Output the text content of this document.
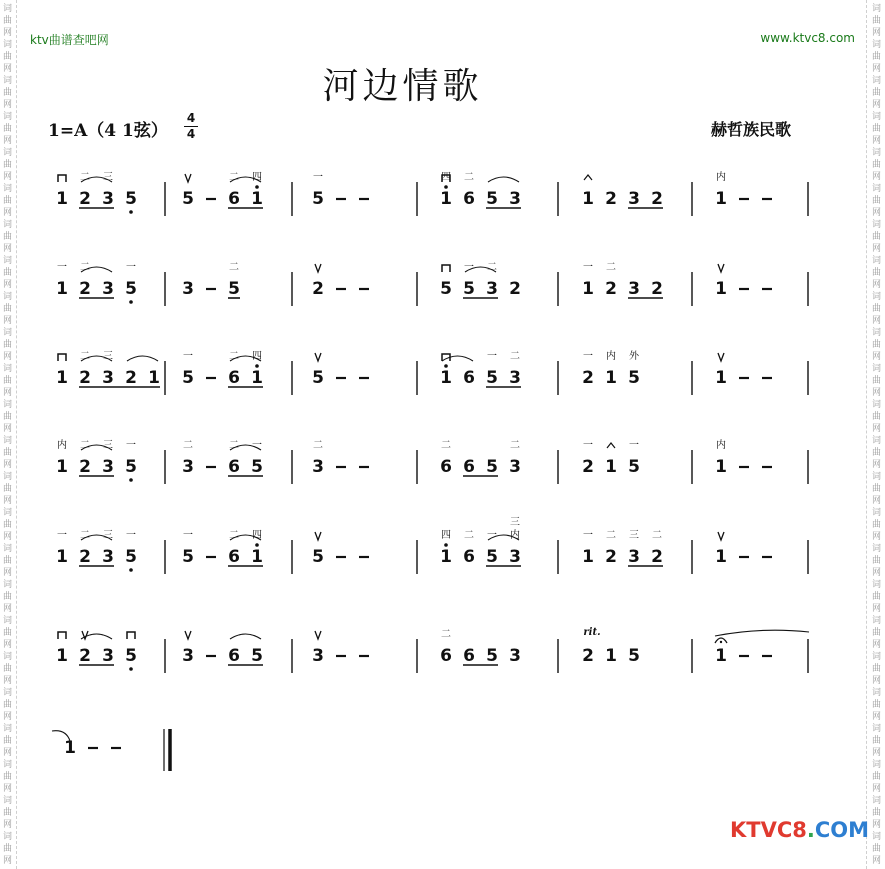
词
曲
网
词
曲
网
词
曲
网
词
曲
网
词
曲
网
词
曲
网
词
曲
网
词
曲
网
词
曲
网
词
曲
网
词
曲
网
词
曲
网
词
曲
网
词
曲
网
词
曲
网
词
曲
网
词
曲
网
词
曲
网
词
曲
网
词
曲
网
词
曲
网
词
曲
网
词
曲
网
词
曲
网
词
曲
网
词
曲
网
词
曲
网
词
曲
网
词
曲
网
词
曲
网
词
曲
网
词
曲
网
词
曲
网
词
曲
网
词
曲
网
词
曲
网
词
曲
网
词
曲
网
词
曲
网
词
曲
网
词
曲
网
词
曲
网
词
曲
网
词
曲
网
词
曲
网
词
曲
网
词
曲
网
词
曲
网
ktv曲谱查吧网	www.ktvc8.com
河边情歌
1=A（4 1弦）
4
4	赫哲族民歌
1 2
二
3
三
5	5 6
二
1
四
5
一
1
四
6
二
5 3	1 2 3 2	1
内
1
一
2
二
3 5
一
3 5
二
2	5 5
一
3
二
2	1
一
2
二
3 2	1
1 2
二
3
三
2 1 5
一
6
二
1
四
5	1 6 5
一
3
二
2
一
1
内
5
外
1
1
内
2
二
3
三
5
一
3
二
6
二
5
一
3
二
6
二
6 5 3
二
2
一
1 5
一
1
内
1
一
2
二
3
三
5
一
5
一
6
二
1
四
5	1
四
6
二
5
一
3
内
三
1
一
2
二
3
三
2
二
1
1 2 3 5	3 6 5	3	6
二
6 5 3	2
rit.
1 5	1
1
KTVC8.COM
